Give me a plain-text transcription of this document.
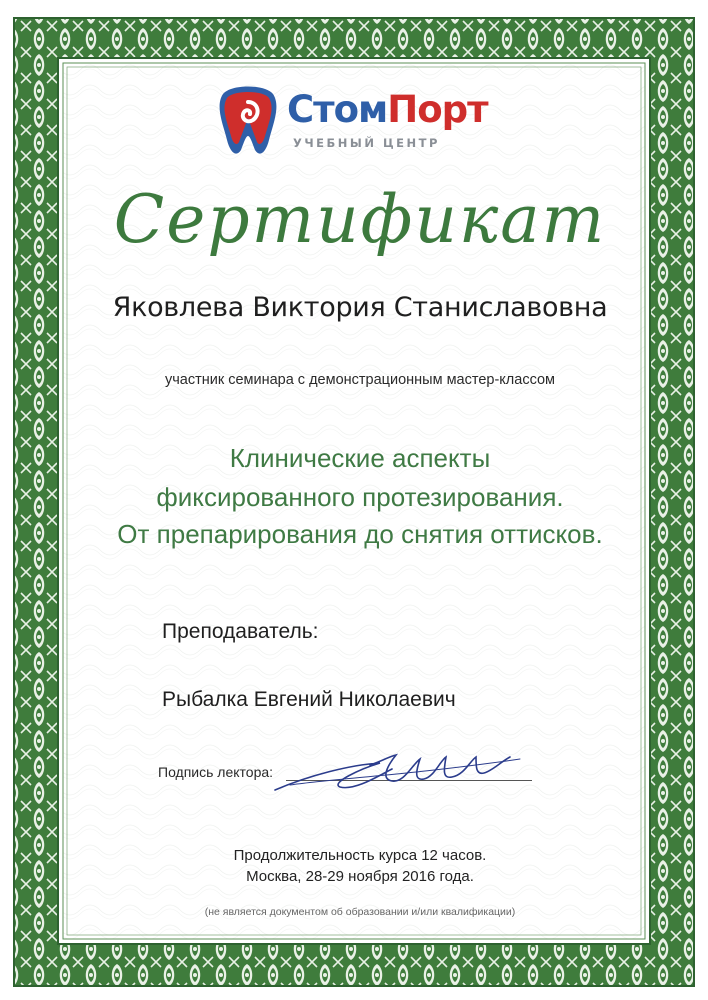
СтомПорт
УЧЕБНЫЙ ЦЕНТР
Сертификат
Яковлева Виктория Станиславовна
участник семинара с демонстрационным мастер-классом
Клинические аспекты
фиксированного протезирования.
От препарирования до снятия оттисков.
Преподаватель:
Рыбалка Евгений Николаевич
Подпись лектора:
Продолжительность курса 12 часов.
Москва, 28-29 ноября 2016 года.
(не является документом об образовании и/или квалификации)
